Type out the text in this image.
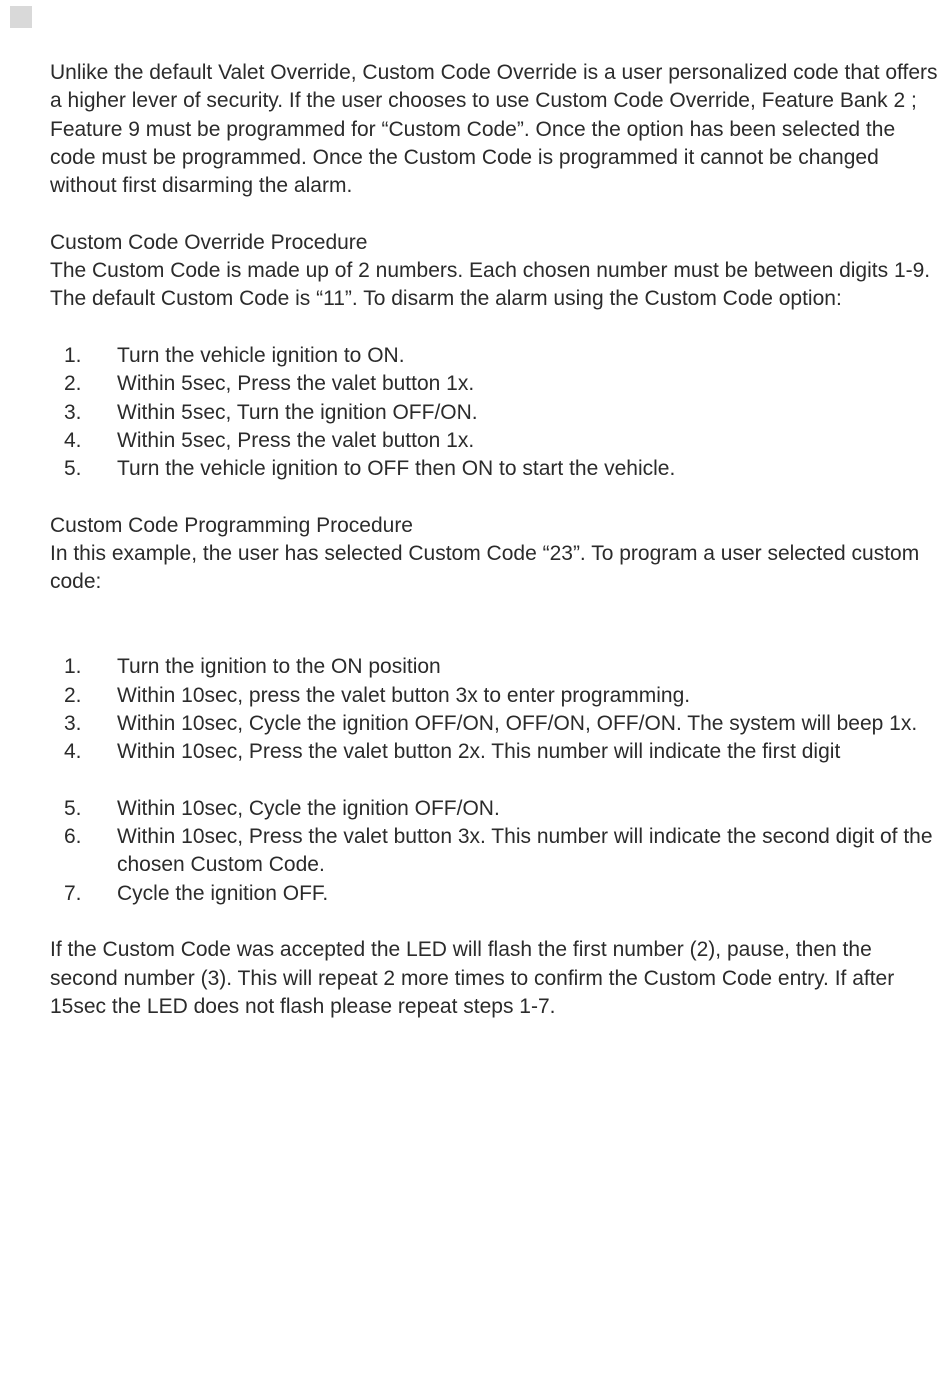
Unlike the default Valet Override, Custom Code Override is a user personalized code that offers a higher lever of security. If the user chooses to use Custom Code Override, Feature Bank 2 ; Feature 9 must be programmed for “Custom Code”. Once the option has been selected the code must be programmed. Once the Custom Code is programmed it cannot be changed without first disarming the alarm.

Custom Code Override Procedure

The Custom Code is made up of 2 numbers. Each chosen number must be between digits 1-9. The default Custom Code is “11”. To disarm the alarm using the Custom Code option:

1. Turn the vehicle ignition to ON.
2. Within 5sec, Press the valet button 1x.
3. Within 5sec, Turn the ignition OFF/ON.
4. Within 5sec, Press the valet button 1x.
5. Turn the vehicle ignition to OFF then ON to start the vehicle.

Custom Code Programming Procedure

In this example, the user has selected Custom Code “23”. To program a user selected custom code:

1. Turn the ignition to the ON position
2. Within 10sec, press the valet button 3x to enter programming.
3. Within 10sec, Cycle the ignition OFF/ON, OFF/ON, OFF/ON. The system will beep 1x.
4. Within 10sec, Press the valet button 2x. This number will indicate the first digit
5. Within 10sec, Cycle the ignition OFF/ON.
6. Within 10sec, Press the valet button 3x. This number will indicate the second digit of the chosen Custom Code.
7. Cycle the ignition OFF.

If the Custom Code was accepted the LED will flash the first number (2), pause, then the second number (3). This will repeat 2 more times to confirm the Custom Code entry. If after 15sec the LED does not flash please repeat steps 1-7.
